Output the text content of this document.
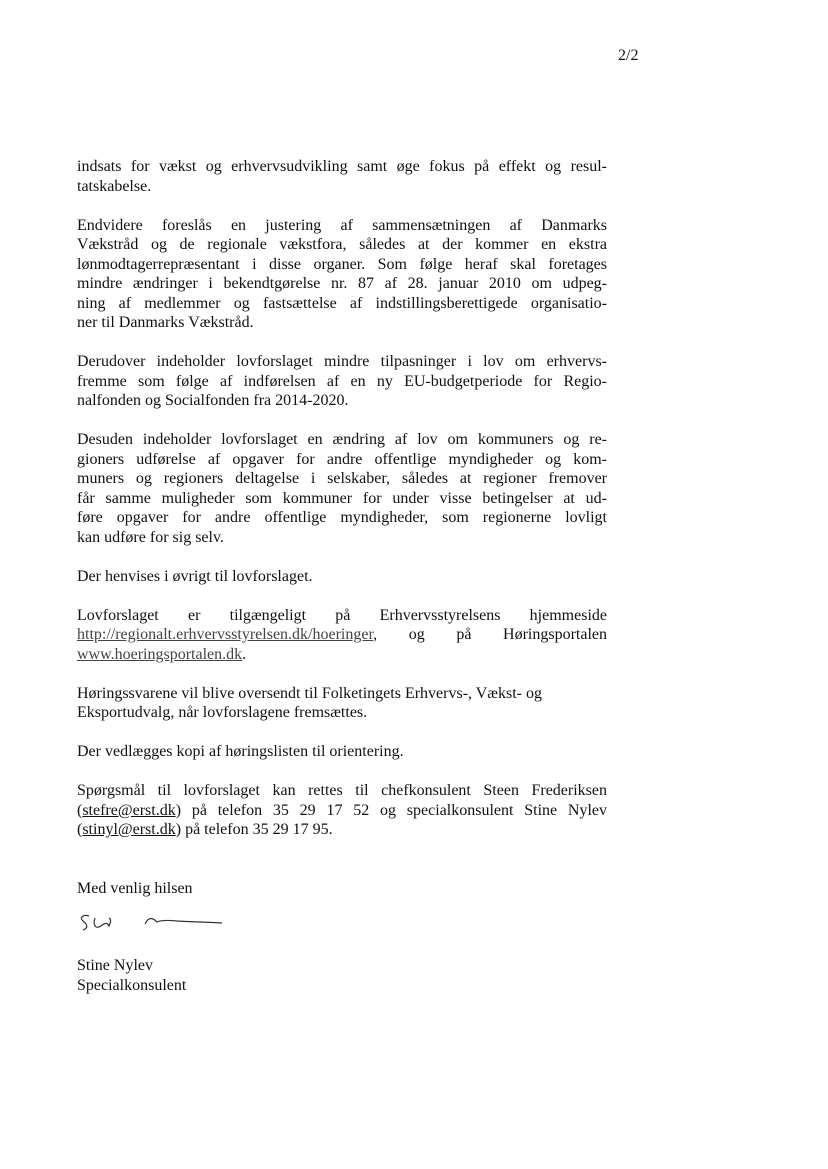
2/2
indsats for vækst og erhvervsudvikling samt øge fokus på effekt og resul-
tatskabelse.
Endvidere foreslås en justering af sammensætningen af Danmarks
Vækstråd og de regionale vækstfora, således at der kommer en ekstra
lønmodtagerrepræsentant i disse organer. Som følge heraf skal foretages
mindre ændringer i bekendtgørelse nr. 87 af 28. januar 2010 om udpeg-
ning af medlemmer og fastsættelse af indstillingsberettigede organisatio-
ner til Danmarks Vækstråd.
Derudover indeholder lovforslaget mindre tilpasninger i lov om erhvervs-
fremme som følge af indførelsen af en ny EU-budgetperiode for Regio-
nalfonden og Socialfonden fra 2014-2020.
Desuden indeholder lovforslaget en ændring af lov om kommuners og re-
gioners udførelse af opgaver for andre offentlige myndigheder og kom-
muners og regioners deltagelse i selskaber, således at regioner fremover
får samme muligheder som kommuner for under visse betingelser at ud-
føre opgaver for andre offentlige myndigheder, som regionerne lovligt
kan udføre for sig selv.
Der henvises i øvrigt til lovforslaget.
Lovforslaget er tilgængeligt på Erhvervsstyrelsens hjemmeside
http://regionalt.erhvervsstyrelsen.dk/hoeringer, og på Høringsportalen
www.hoeringsportalen.dk.
Høringssvarene vil blive oversendt til Folketingets Erhvervs-, Vækst- og
Eksportudvalg, når lovforslagene fremsættes.
Der vedlægges kopi af høringslisten til orientering.
Spørgsmål til lovforslaget kan rettes til chefkonsulent Steen Frederiksen
(stefre@erst.dk) på telefon 35 29 17 52 og specialkonsulent Stine Nylev
(stinyl@erst.dk) på telefon 35 29 17 95.
Med venlig hilsen
Stine Nylev
Specialkonsulent
